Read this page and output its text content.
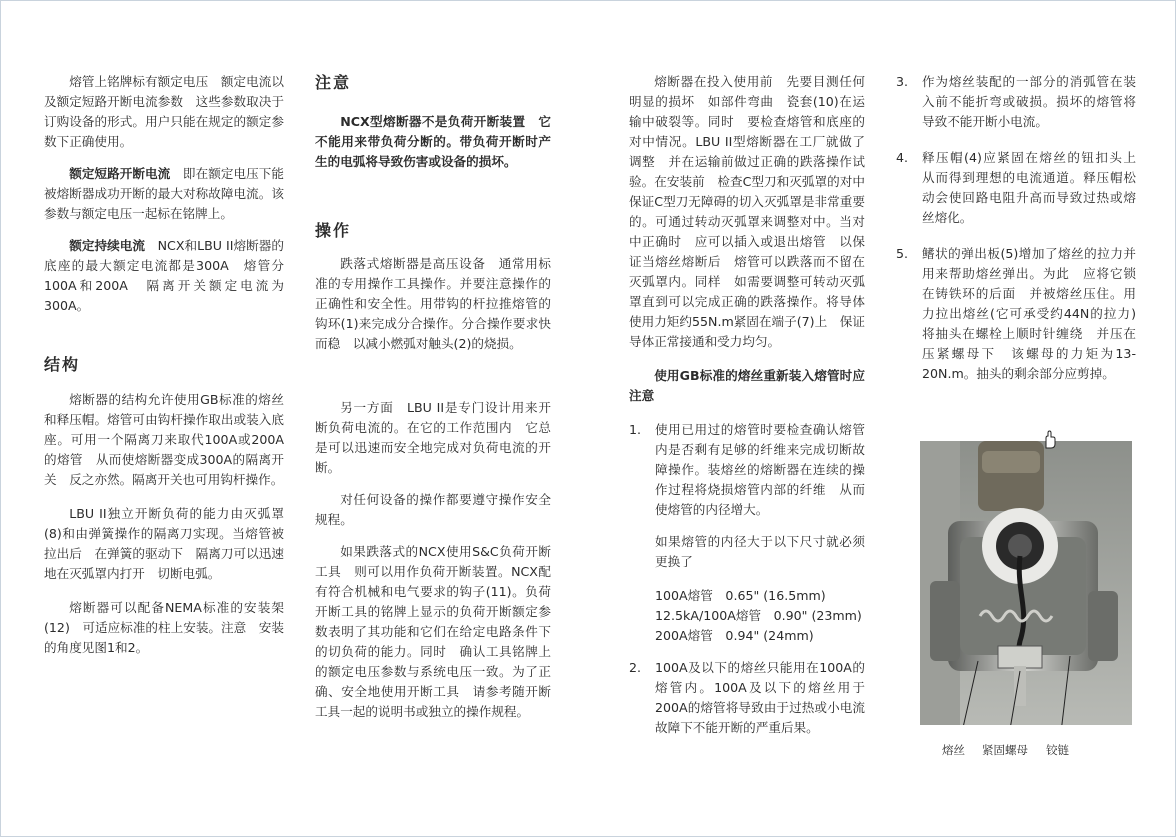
熔管上铭牌标有额定电压　额定电流以及额定短路开断电流参数　这些参数取决于订购设备的形式。用户只能在规定的额定参数下正确使用。

额定短路开断电流　即在额定电压下能被熔断器成功开断的最大对称故障电流。该参数与额定电压一起标在铭牌上。

额定持续电流　NCX和LBU II熔断器的底座的最大额定电流都是300A　熔管分100A和200A　隔离开关额定电流为300A。

结构

熔断器的结构允许使用GB标准的熔丝和释压帽。熔管可由钩杆操作取出或装入底座。可用一个隔离刀来取代100A或200A的熔管　从而使熔断器变成300A的隔离开关　反之亦然。隔离开关也可用钩杆操作。

LBU II独立开断负荷的能力由灭弧罩(8)和由弹簧操作的隔离刀实现。当熔管被拉出后　在弹簧的驱动下　隔离刀可以迅速地在灭弧罩内打开　切断电弧。

熔断器可以配备NEMA标准的安装架(12)　可适应标准的柱上安装。注意　安装的角度见图1和2。

注意

NCX型熔断器不是负荷开断装置　它不能用来带负荷分断的。带负荷开断时产生的电弧将导致伤害或设备的损坏。

操作

跌落式熔断器是高压设备　通常用标准的专用操作工具操作。并要注意操作的正确性和安全性。用带钩的杆拉推熔管的钩环(1)来完成分合操作。分合操作要求快而稳　以减小燃弧对触头(2)的烧损。

另一方面　LBU II是专门设计用来开断负荷电流的。在它的工作范围内　它总是可以迅速而安全地完成对负荷电流的开断。

对任何设备的操作都要遵守操作安全规程。

如果跌落式的NCX使用S&C负荷开断工具　则可以用作负荷开断装置。NCX配有符合机械和电气要求的钩子(11)。负荷开断工具的铭牌上显示的负荷开断额定参数表明了其功能和它们在给定电路条件下的切负荷的能力。同时　确认工具铭牌上的额定电压参数与系统电压一致。为了正确、安全地使用开断工具　请参考随开断工具一起的说明书或独立的操作规程。

熔断器在投入使用前　先要目测任何明显的损坏　如部件弯曲　瓷套(10)在运输中破裂等。同时　要检查熔管和底座的对中情况。LBU II型熔断器在工厂就做了调整　并在运输前做过正确的跌落操作试验。在安装前　检查C型刀和灭弧罩的对中　保证C型刀无障碍的切入灭弧罩是非常重要的。可通过转动灭弧罩来调整对中。当对中正确时　应可以插入或退出熔管　以保证当熔丝熔断后　熔管可以跌落而不留在灭弧罩内。同样　如需要调整可转动灭弧罩直到可以完成正确的跌落操作。将导体使用力矩约55N.m紧固在端子(7)上　保证导体正常接通和受力均匀。

使用GB标准的熔丝重新装入熔管时应注意

1. 使用已用过的熔管时要检查确认熔管内是否剩有足够的纤维来完成切断故障操作。装熔丝的熔断器在连续的操作过程将烧损熔管内部的纤维　从而使熔管的内径增大。

如果熔管的内径大于以下尺寸就必须更换了

100A熔管　0.65" (16.5mm)
12.5kA/100A熔管　0.90" (23mm)
200A熔管　0.94" (24mm)
2. 100A及以下的熔丝只能用在100A的熔管内。100A及以下的熔丝用于200A的熔管将导致由于过热或小电流故障下不能开断的严重后果。
3. 作为熔丝装配的一部分的消弧管在装入前不能折弯或破损。损坏的熔管将导致不能开断小电流。
4. 释压帽(4)应紧固在熔丝的钮扣头上　从而得到理想的电流通道。释压帽松动会使回路电阻升高而导致过热或熔丝熔化。
5. 鳍状的弹出板(5)增加了熔丝的拉力并用来帮助熔丝弹出。为此　应将它锁在铸铁环的后面　并被熔丝压住。用力拉出熔丝(它可承受约44N的拉力)　将抽头在螺栓上顺时针缠绕　并压在压紧螺母下　该螺母的力矩为13-20N.m。抽头的剩余部分应剪掉。
熔丝 紧固螺母 铰链
